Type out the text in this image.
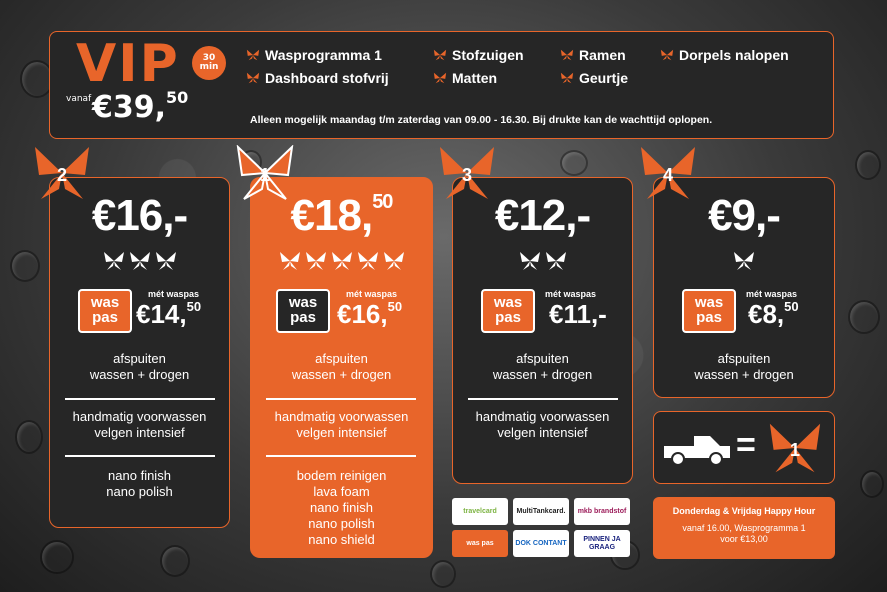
VIP
vanaf €39,50
30 min
Wasprogramma 1	Stofzuigen	Ramen	Dorpels nalopen
Dashboard stofvrij	Matten	Geurtje
Alleen mogelijk maandag t/m zaterdag van 09.00 - 16.30. Bij drukte kan de wachttijd oplopen.
€16,-
was
pas
mét waspas
€14,50
afspuiten
wassen + drogen
handmatig voorwassen
velgen intensief
nano finish
nano polish
2
€18,50
was
pas
mét waspas
€16,50
afspuiten
wassen + drogen
handmatig voorwassen
velgen intensief
bodem reinigen
lava foam
nano finish
nano polish
nano shield
1
€12,-
was
pas
mét waspas
€11,-
afspuiten
wassen + drogen
handmatig voorwassen
velgen intensief
3
€9,-
was
pas
mét waspas
€8,50
afspuiten
wassen + drogen
4
=	1
Donderdag & Vrijdag Happy Hour
vanaf 16.00, Wasprogramma 1
voor €13,00
travelcard	MultiTankcard.	mkb brandstof
was pas	DOK CONTANT
PINNEN JA GRAAG
